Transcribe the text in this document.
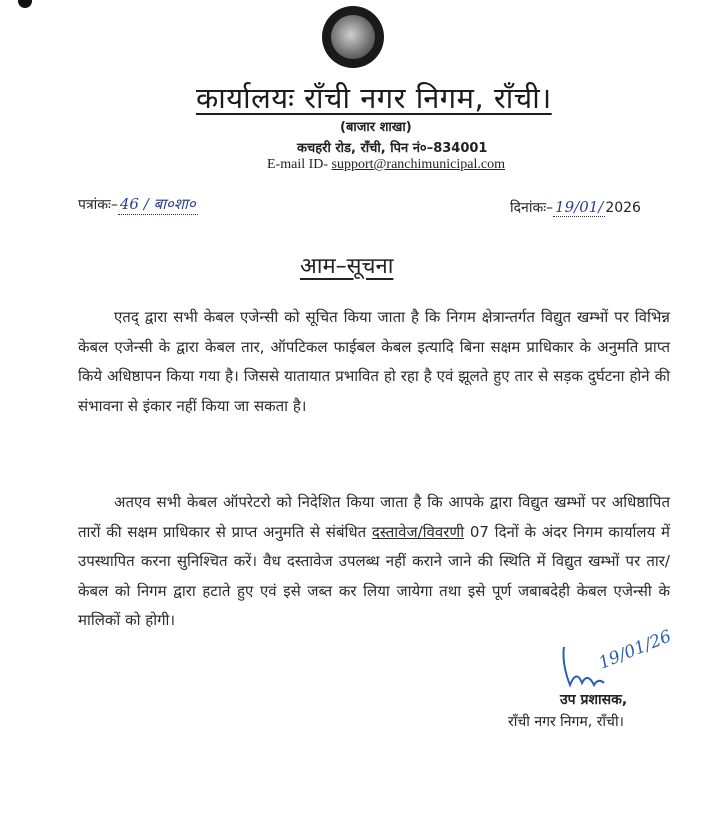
कार्यालयः राँची नगर निगम, राँची।
(बाजार शाखा)
कचहरी रोड, राँची, पिन नं०–834001
E-mail ID- support@ranchimunicipal.com
पत्रांकः– 46 / बा०शा०	दिनांकः– 19/01/ 2026
आम–सूचना
एतद् द्वारा सभी केबल एजेन्सी को सूचित किया जाता है कि निगम क्षेत्रान्तर्गत विद्युत खम्भों पर विभिन्न केबल एजेन्सी के द्वारा केबल तार, ऑपटिकल फाईबल केबल इत्यादि बिना सक्षम प्राधिकार के अनुमति प्राप्त किये अधिष्ठापन किया गया है। जिससे यातायात प्रभावित हो रहा है एवं झूलते हुए तार से सड़क दुर्घटना होने की संभावना से इंकार नहीं किया जा सकता है।
अतएव सभी केबल ऑपरेटरो को निदेशित किया जाता है कि आपके द्वारा विद्युत खम्भों पर अधिष्ठापित तारों की सक्षम प्राधिकार से प्राप्त अनुमति से संबंधित दस्तावेज/विवरणी 07 दिनों के अंदर निगम कार्यालय में उपस्थापित करना सुनिश्चित करें। वैध दस्तावेज उपलब्ध नहीं कराने जाने की स्थिति में विद्युत खम्भों पर तार/केबल को निगम द्वारा हटाते हुए एवं इसे जब्त कर लिया जायेगा तथा इसे पूर्ण जबाबदेही केबल एजेन्सी के मालिकों को होगी।
19/01/26
उप प्रशासक,
राँची नगर निगम, राँची।
